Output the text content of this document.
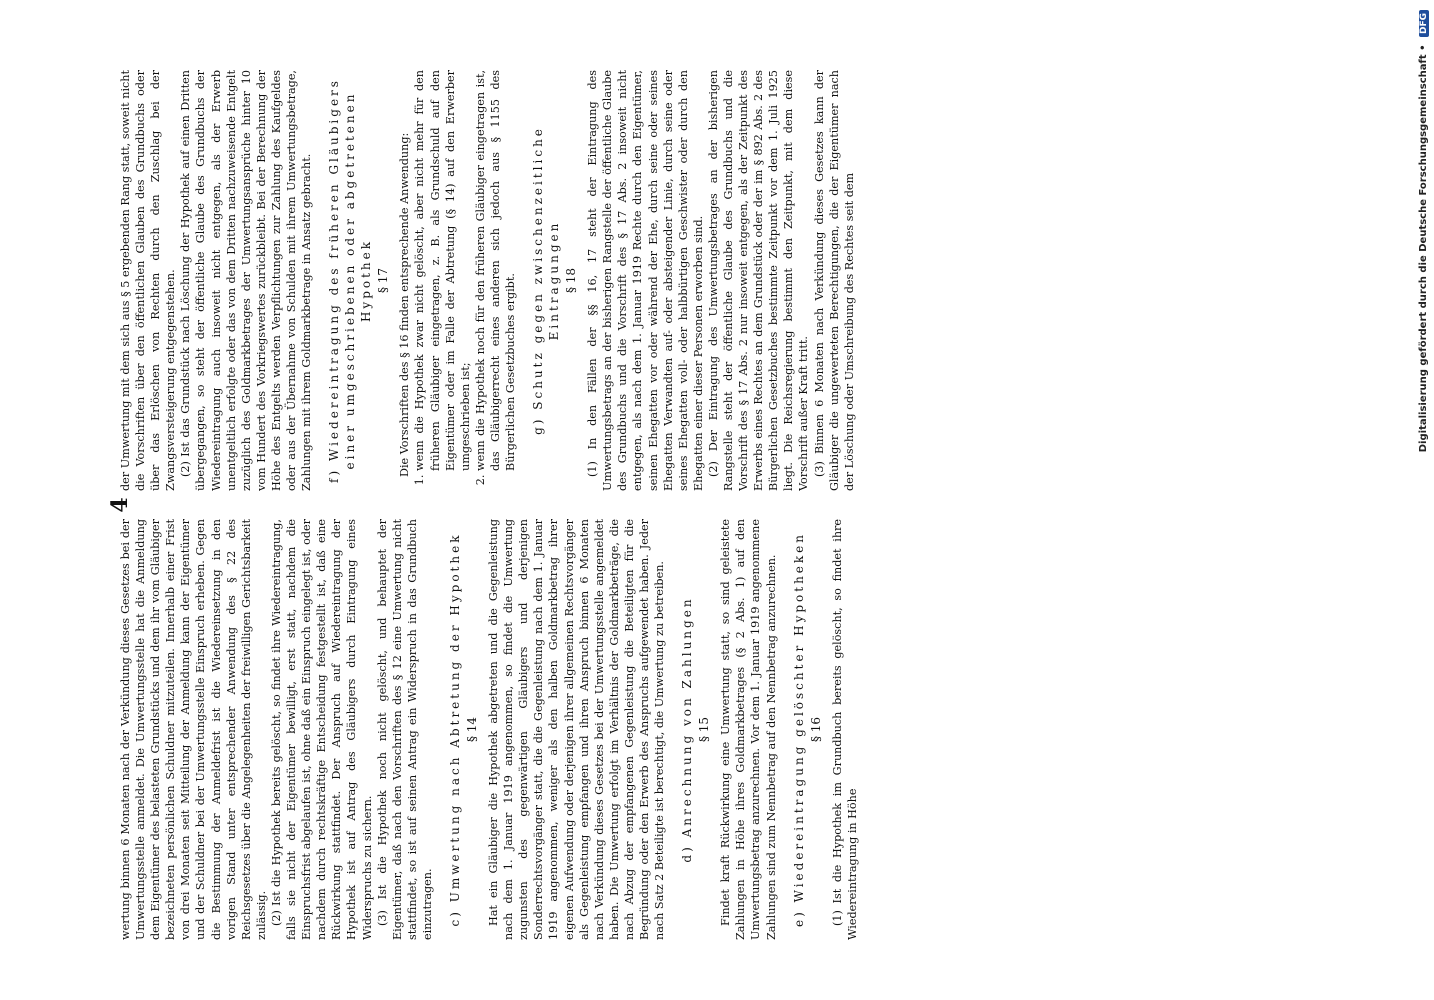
4

wertung binnen 6 Monaten nach der Verkündung dieses Gesetzes bei der Umwertungsstelle anmeldet. Die Umwertungsstelle hat die Anmeldung dem Eigentümer des belasteten Grundstücks und dem ihr vom Gläubiger bezeichneten persönlichen Schuldner mitzuteilen. Innerhalb einer Frist von drei Monaten seit Mitteilung der Anmeldung kann der Eigentümer und der Schuldner bei der Umwertungsstelle Einspruch erheben. Gegen die Bestimmung der Anmeldefrist ist die Wiedereinsetzung in den vorigen Stand unter entsprechender Anwendung des § 22 des Reichsgesetzes über die Angelegenheiten der freiwilligen Gerichtsbarkeit zulässig. (2) Ist die Hypothek bereits gelöscht, so findet ihre Wiedereintragung, falls sie nicht der Eigentümer bewilligt, erst statt, nachdem die Einspruchsfrist abgelaufen ist, ohne daß ein Einspruch eingelegt ist, oder nachdem durch rechtskräftige Entscheidung festgestellt ist, daß eine Rückwirkung stattfindet. Der Anspruch auf Wiedereintragung der Hypothek ist auf Antrag des Gläubigers durch Eintragung eines Widerspruchs zu sichern. (3) Ist die Hypothek noch nicht gelöscht, und behauptet der Eigentümer, daß nach den Vorschriften des § 12 eine Umwertung nicht stattfindet, so ist auf seinen Antrag ein Widerspruch in das Grundbuch einzutragen. c) Umwertung nach Abtretung der Hypothek § 14 Hat ein Gläubiger die Hypothek abgetreten und die Gegenleistung nach dem 1. Januar 1919 angenommen, so findet die Umwertung zugunsten des gegenwärtigen Gläubigers und derjenigen Sonderrechtsvorgänger statt, die die Gegenleistung nach dem 1. Januar 1919 angenommen, weniger als den halben Goldmarkbetrag ihrer eigenen Aufwendung oder derjenigen ihrer allgemeinen Rechtsvorgänger als Gegenleistung empfangen und ihren Anspruch binnen 6 Monaten nach Verkündung dieses Gesetzes bei der Umwertungsstelle angemeldet haben. Die Umwertung erfolgt im Verhältnis der Goldmarkbeträge, die nach Abzug der empfangenen Gegenleistung die Beteiligten für die Begründung oder den Erwerb des Anspruchs aufgewendet haben. Jeder nach Satz 2 Beteiligte ist berechtigt, die Umwertung zu betreiben. d) Anrechnung von Zahlungen § 15 Findet kraft Rückwirkung eine Umwertung statt, so sind geleistete Zahlungen in Höhe ihres Goldmarkbetrages (§ 2 Abs. 1) auf den Umwertungsbetrag anzurechnen. Vor dem 1. Januar 1919 angenommene Zahlungen sind zum Nennbetrag auf den Nennbetrag anzurechnen. e) Wiedereintragung gelöschter Hypotheken § 16 (1) Ist die Hypothek im Grundbuch bereits gelöscht, so findet ihre Wiedereintragung in Höhe

der Umwertung mit dem sich aus § 5 ergebenden Rang statt, soweit nicht die Vorschriften über den öffentlichen Glauben des Grundbuchs oder über das Erlöschen von Rechten durch den Zuschlag bei der Zwangsversteigerung entgegenstehen. (2) Ist das Grundstück nach Löschung der Hypothek auf einen Dritten übergegangen, so steht der öffentliche Glaube des Grundbuchs der Wiedereintragung auch insoweit nicht entgegen, als der Erwerb unentgeltlich erfolgte oder das von dem Dritten nachzuweisende Entgelt zuzüglich des Goldmarkbetrages der Umwertungsansprüche hinter 10 vom Hundert des Vorkriegswertes zurückbleibt. Bei der Berechnung der Höhe des Entgelts werden Verpflichtungen zur Zahlung des Kaufgeldes oder aus der Übernahme von Schulden mit ihrem Umwertungsbetrage, Zahlungen mit ihrem Goldmarkbetrage in Ansatz gebracht. f) Wiedereintragung des früheren Gläubigers einer umgeschriebenen oder abgetretenen Hypothek § 17 Die Vorschriften des § 16 finden entsprechende Anwendung: 1. wenn die Hypothek zwar nicht gelöscht, aber nicht mehr für den früheren Gläubiger eingetragen, z. B. als Grundschuld auf den Eigentümer oder im Falle der Abtretung (§ 14) auf den Erwerber umgeschrieben ist; 2. wenn die Hypothek noch für den früheren Gläubiger eingetragen ist, das Gläubigerrecht eines anderen sich jedoch aus § 1155 des Bürgerlichen Gesetzbuches ergibt. g) Schutz gegen zwischenzeitliche Eintragungen § 18 (1) In den Fällen der §§ 16, 17 steht der Eintragung des Umwertungsbetrags an der bisherigen Rangstelle der öffentliche Glaube des Grundbuchs und die Vorschrift des § 17 Abs. 2 insoweit nicht entgegen, als nach dem 1. Januar 1919 Rechte durch den Eigentümer, seinen Ehegatten vor oder während der Ehe, durch seine oder seines Ehegatten Verwandten auf- oder absteigender Linie, durch seine oder seines Ehegatten voll- oder halbbürtigen Geschwister oder durch den Ehegatten einer dieser Personen erworben sind. (2) Der Eintragung des Umwertungsbetrages an der bisherigen Rangstelle steht der öffentliche Glaube des Grundbuchs und die Vorschrift des § 17 Abs. 2 nur insoweit entgegen, als der Zeitpunkt des Erwerbs eines Rechtes an dem Grundstück oder der im § 892 Abs. 2 des Bürgerlichen Gesetzbuches bestimmte Zeitpunkt vor dem 1. Juli 1925 liegt. Die Reichsregierung bestimmt den Zeitpunkt, mit dem diese Vorschrift außer Kraft tritt. (3) Binnen 6 Monaten nach Verkündung dieses Gesetzes kann der Gläubiger die ungewerteten Berechtigungen, die der Eigentümer nach der Löschung oder Umschreibung des Rechtes seit dem	Digitalisierung gefördert durch die Deutsche Forschungsgemeinschaft • DFG
